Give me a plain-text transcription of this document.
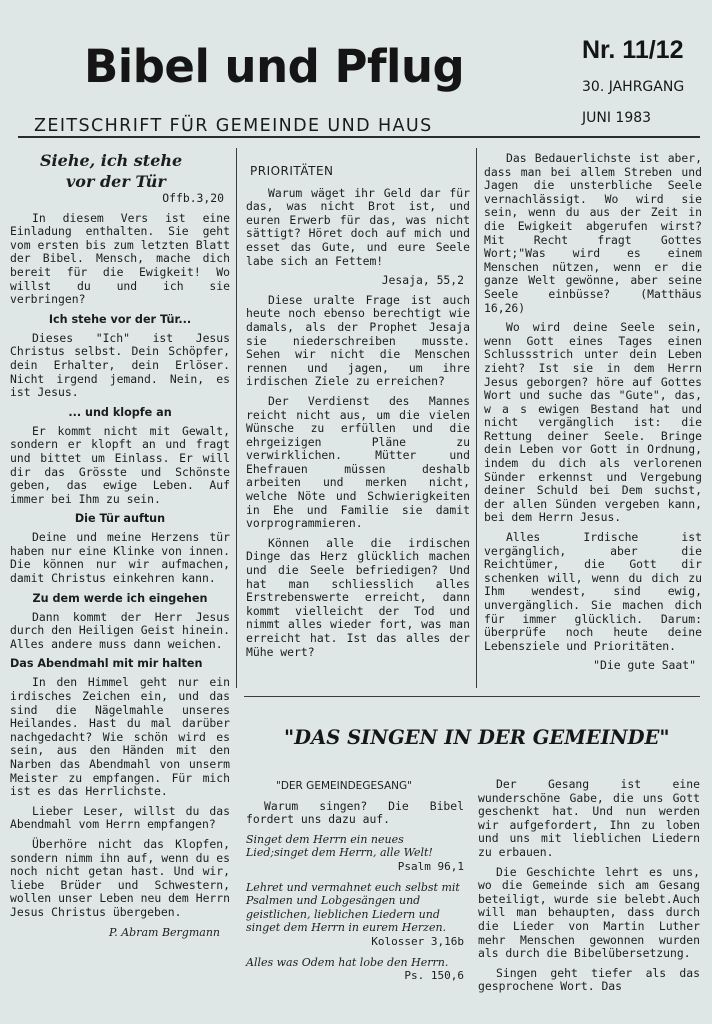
Bibel und Pflug
ZEITSCHRIFT FÜR GEMEINDE UND HAUS
Nr. 11/12
30. JAHRGANG
JUNI 1983
Siehe, ich stehe
vor der Tür
Offb.3,20

In diesem Vers ist eine Einladung enthalten. Sie geht vom ersten bis zum letzten Blatt der Bibel. Mensch, mache dich bereit für die Ewigkeit! Wo willst du und ich sie verbringen?

Ich stehe vor der Tür...

Dieses "Ich" ist Jesus Christus selbst. Dein Schöpfer, dein Erhalter, dein Erlöser. Nicht irgend jemand. Nein, es ist Jesus.

... und klopfe an

Er kommt nicht mit Gewalt, sondern er klopft an und fragt und bittet um Einlass. Er will dir das Grösste und Schönste geben, das ewige Leben. Auf immer bei Ihm zu sein.

Die Tür auftun

Deine und meine Herzens tür haben nur eine Klinke von innen. Die können nur wir aufmachen, damit Christus einkehren kann.

Zu dem werde ich eingehen

Dann kommt der Herr Jesus durch den Heiligen Geist hinein. Alles andere muss dann weichen.

Das Abendmahl mit mir halten

In den Himmel geht nur ein irdisches Zeichen ein, und das sind die Nägelmahle unseres Heilandes. Hast du mal darüber nachgedacht? Wie schön wird es sein, aus den Händen mit den Narben das Abendmahl von unserm Meister zu empfangen. Für mich ist es das Herrlichste.

Lieber Leser, willst du das Abendmahl vom Herrn empfangen?

Überhöre nicht das Klopfen, sondern nimm ihn auf, wenn du es noch nicht getan hast. Und wir, liebe Brüder und Schwestern, wollen unser Leben neu dem Herrn Jesus Christus übergeben.

P. Abram Bergmann
PRIORITÄTEN

Warum wäget ihr Geld dar für das, was nicht Brot ist, und euren Erwerb für das, was nicht sättigt? Höret doch auf mich und esset das Gute, und eure Seele labe sich an Fettem!

Jesaja, 55,2

Diese uralte Frage ist auch heute noch ebenso berechtigt wie damals, als der Prophet Jesaja sie niederschreiben musste. Sehen wir nicht die Menschen rennen und jagen, um ihre irdischen Ziele zu erreichen?

Der Verdienst des Mannes reicht nicht aus, um die vielen Wünsche zu erfüllen und die ehrgeizigen Pläne zu verwirklichen. Mütter und Ehefrauen müssen deshalb arbeiten und merken nicht, welche Nöte und Schwierigkeiten in Ehe und Familie sie damit vorprogrammieren.

Können alle die irdischen Dinge das Herz glücklich machen und die Seele befriedigen? Und hat man schliesslich alles Erstrebenswerte erreicht, dann kommt vielleicht der Tod und nimmt alles wieder fort, was man erreicht hat. Ist das alles der Mühe wert?

Das Bedauerlichste ist aber, dass man bei allem Streben und Jagen die unsterbliche Seele vernachlässigt. Wo wird sie sein, wenn du aus der Zeit in die Ewigkeit abgerufen wirst? Mit Recht fragt Gottes Wort;"Was wird es einem Menschen nützen, wenn er die ganze Welt gewönne, aber seine Seele einbüsse? (Matthäus 16,26)

Wo wird deine Seele sein, wenn Gott eines Tages einen Schlussstrich unter dein Leben zieht? Ist sie in dem Herrn Jesus geborgen? höre auf Gottes Wort und suche das "Gute", das, w a s ewigen Bestand hat und nicht vergänglich ist: die Rettung deiner Seele. Bringe dein Leben vor Gott in Ordnung, indem du dich als verlorenen Sünder erkennst und Vergebung deiner Schuld bei Dem suchst, der allen Sünden vergeben kann, bei dem Herrn Jesus.

Alles Irdische ist vergänglich, aber die Reichtümer, die Gott dir schenken will, wenn du dich zu Ihm wendest, sind ewig, unvergänglich. Sie machen dich für immer glücklich. Darum: überprüfe noch heute deine Lebensziele und Prioritäten.

"Die gute Saat"
"DAS SINGEN IN DER GEMEINDE"
"DER GEMEINDEGESANG"

Warum singen? Die Bibel fordert uns dazu auf.

Singet dem Herrn ein neues Lied;singet dem Herrn, alle Welt!
Psalm 96,1
Lehret und vermahnet euch selbst mit Psalmen und Lobgesängen und geistlichen, lieblichen Liedern und singet dem Herrn in eurem Herzen.
Kolosser 3,16b
Alles was Odem hat lobe den Herrn.
Ps. 150,6

Der Gesang ist eine wunderschöne Gabe, die uns Gott geschenkt hat. Und nun werden wir aufgefordert, Ihn zu loben und uns mit lieblichen Liedern zu erbauen.

Die Geschichte lehrt es uns, wo die Gemeinde sich am Gesang beteiligt, wurde sie belebt.Auch will man behaupten, dass durch die Lieder von Martin Luther mehr Menschen gewonnen wurden als durch die Bibelübersetzung.

Singen geht tiefer als das gesprochene Wort. Das
